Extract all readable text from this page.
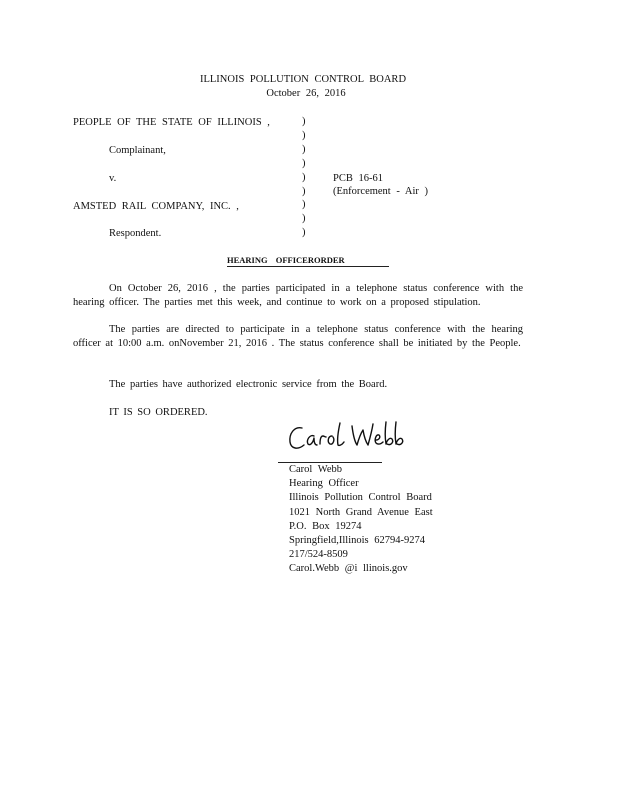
ILLINOIS POLLUTION CONTROL BOARD
October 26, 2016
PEOPLE OF THE STATE OF ILLINOIS ,
Complainant,
v.
AMSTED RAIL COMPANY, INC. ,
Respondent.
)
)
)
)
)
)
)
)
)
PCB 16-61
(Enforcement - Air )
HEARING OFFICERORDER
On October 26, 2016 , the parties participated in a telephone status conference with the hearing officer. The parties met this week, and continue to work on a proposed stipulation.
The parties are directed to participate in a telephone status conference with the hearing officer at 10:00 a.m. onNovember 21, 2016 . The status conference shall be initiated by the People.
The parties have authorized electronic service from the Board.
IT IS SO ORDERED.
Carol Webb
Hearing Officer
Illinois Pollution Control Board
1021 North Grand Avenue East
P.O. Box 19274
Springfield,Illinois 62794-9274
217/524-8509
Carol.Webb @i llinois.gov
